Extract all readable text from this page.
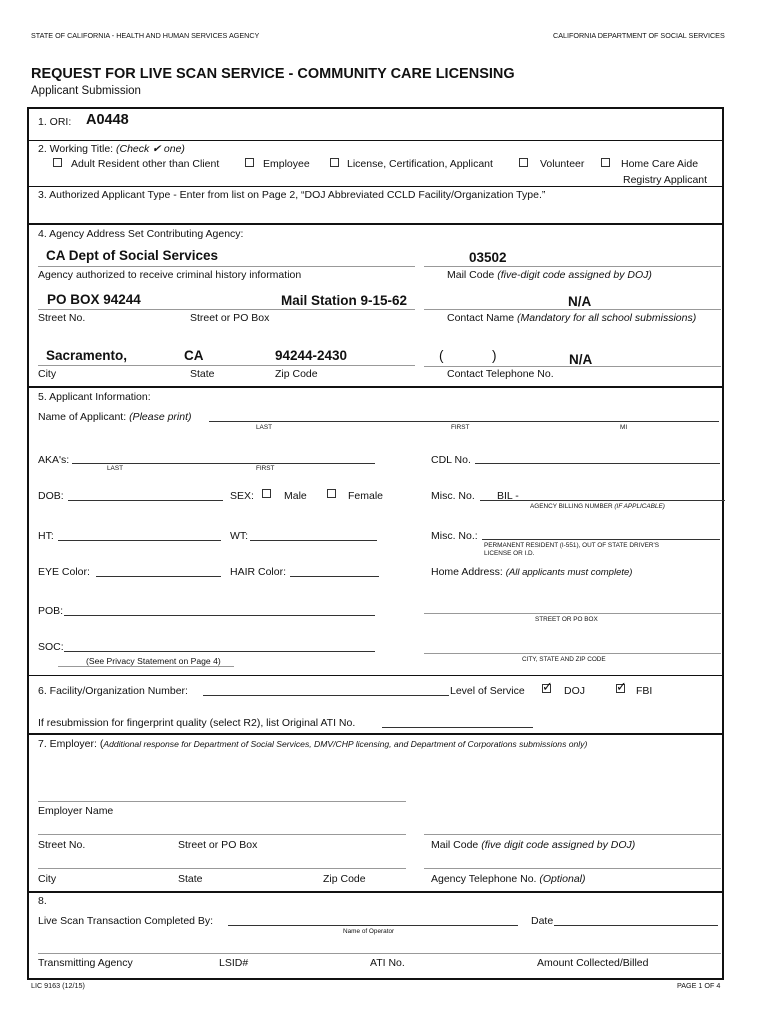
STATE OF CALIFORNIA - HEALTH AND HUMAN SERVICES AGENCY	CALIFORNIA DEPARTMENT OF SOCIAL SERVICES
REQUEST FOR LIVE SCAN SERVICE - COMMUNITY CARE LICENSING
Applicant Submission
1. ORI: A0448
2. Working Title: (Check ✔ one)
Adult Resident other than Client	Employee	License, Certification, Applicant	Volunteer	Home Care Aide
Registry Applicant
3. Authorized Applicant Type - Enter from list on Page 2, “DOJ Abbreviated CCLD Facility/Organization Type.”
4. Agency Address Set Contributing Agency:
CA Dept of Social Services
Agency authorized to receive criminal history information
03502
Mail Code (five-digit code assigned by DOJ)
PO BOX 94244	Mail Station 9-15-62
Street No.	Street or PO Box
N/A
Contact Name (Mandatory for all school submissions)
Sacramento,	CA	94244-2430
City	State	Zip Code
(	)	N/A
Contact Telephone No.
5. Applicant Information:
Name of Applicant: (Please print)
LAST	FIRST	MI
AKA's:
LAST	FIRST
CDL No.
DOB:	SEX:	Male	Female	Misc. No. BIL -
AGENCY BILLING NUMBER (IF APPLICABLE)
HT:	WT:	Misc. No.:
PERMANENT RESIDENT (I-551), OUT OF STATE DRIVER'S
LICENSE OR I.D.
EYE Color:	HAIR Color:	Home Address: (All applicants must complete)
POB:
STREET OR PO BOX
SOC:
(See Privacy Statement on Page 4)	CITY, STATE AND ZIP CODE
6. Facility/Organization Number:	Level of Service ✓ DOJ ✓ FBI
If resubmission for fingerprint quality (select R2), list Original ATI No.
7. Employer: (Additional response for Department of Social Services, DMV/CHP licensing, and Department of Corporations submissions only)
Employer Name
Street No.	Street or PO Box	Mail Code (five digit code assigned by DOJ)
City	State	Zip Code	Agency Telephone No. (Optional)
8.
Live Scan Transaction Completed By:
Name of Operator
Date
Transmitting Agency	LSID#	ATI No.	Amount Collected/Billed
LIC 9163 (12/15)	PAGE 1 OF 4
